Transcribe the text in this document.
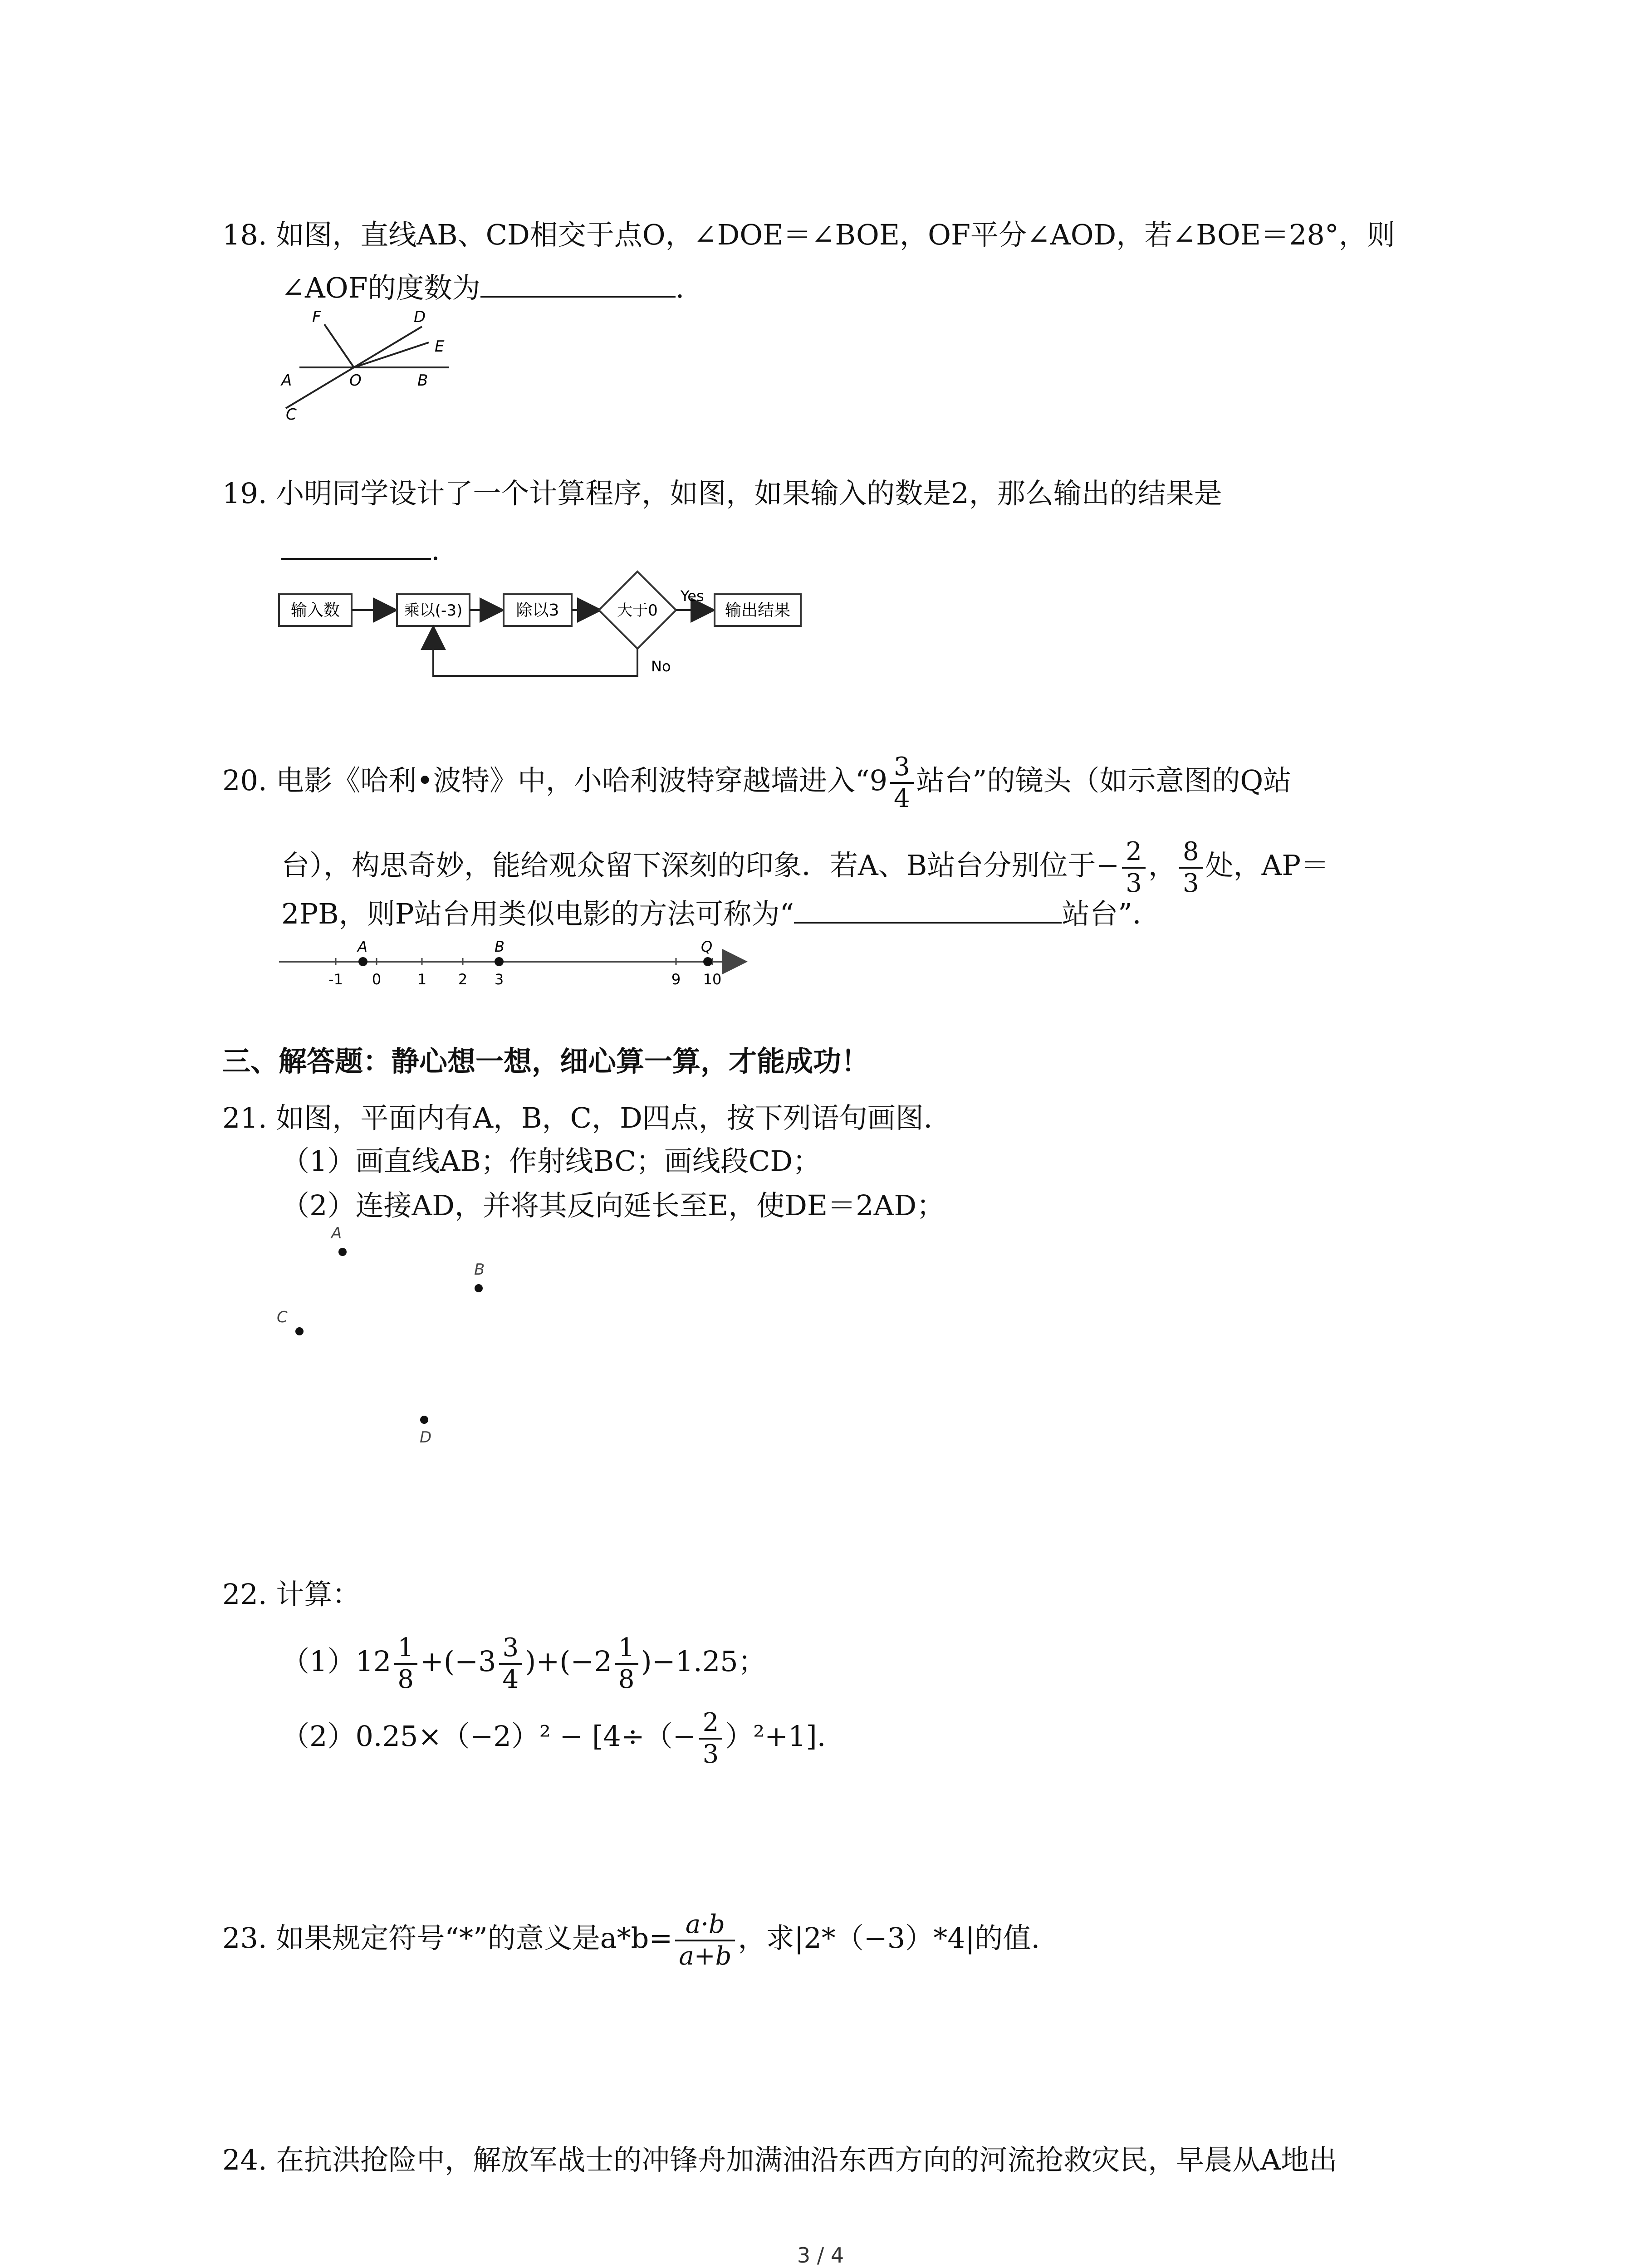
18. 如图，直线AB、CD相交于点O，∠DOE＝∠BOE，OF平分∠AOD，若∠BOE＝28°，则
∠AOF的度数为	.
F	D
E
A	O	B
C
19. 小明同学设计了一个计算程序，如图，如果输入的数是2，那么输出的结果是
.
输入数	乘以(-3)	除以3	大于0
Yes
输出结果
No
20. 电影《哈利•波特》中，小哈利波特穿越墙进入“$9 \frac{3}{4}$ 站台”的镜头（如示意图的Q站
台），构思奇妙，能给观众留下深刻的印象．若A、B站台分别位于− $\frac{2}{3}$ ， $\frac{8}{3}$ 处，AP＝
2PB，则P站台用类似电影的方法可称为“	站台”．
-1 0 1 2 3	9 10
A	B	Q
三、解答题：静心想一想，细心算一算，才能成功！
21. 如图，平面内有A，B，C，D四点，按下列语句画图．
（1）画直线AB；作射线BC；画线段CD；
（2）连接AD，并将其反向延长至E，使DE＝2AD；
A
B
C
D
22. 计算：
$(1)12 \frac{1}{8} +(-3 \frac{3}{4} )+(-2 \frac{1}{8} )-1.25$；
$(2)0.25\times(-2)^2 - [4\div(- \frac{2}{3} )^2+1]$.
23. 如果规定符号“*”的意义是$a*b= \frac{a\cdot b}{a+b}$ ，求|2*（−3）*4|的值.
24. 在抗洪抢险中，解放军战士的冲锋舟加满油沿东西方向的河流抢救灾民，早晨从A地出
3 / 4
